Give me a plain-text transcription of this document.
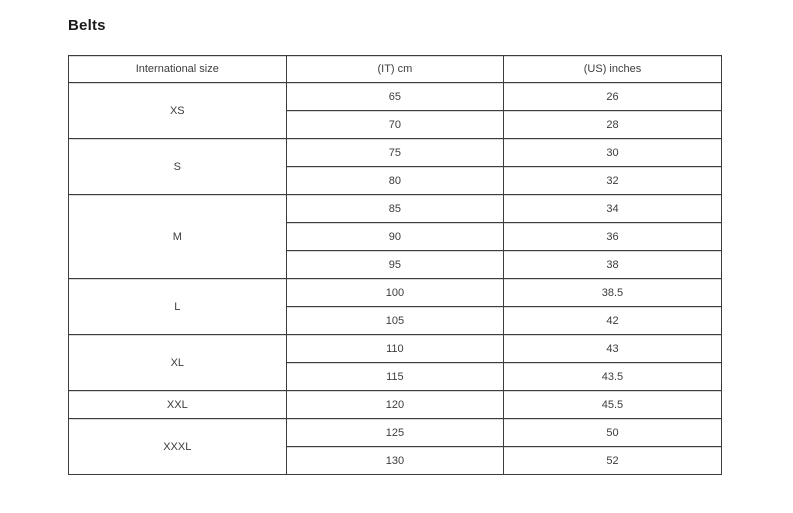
Belts
International size	(IT) cm	(US) inches
XS	65	26
	70	28
S	75	30
	80	32
M	85	34
	90	36
	95	38
L	100	38.5
	105	42
XL	110	43
	115	43.5
XXL	120	45.5
XXXL	125	50
	130	52
